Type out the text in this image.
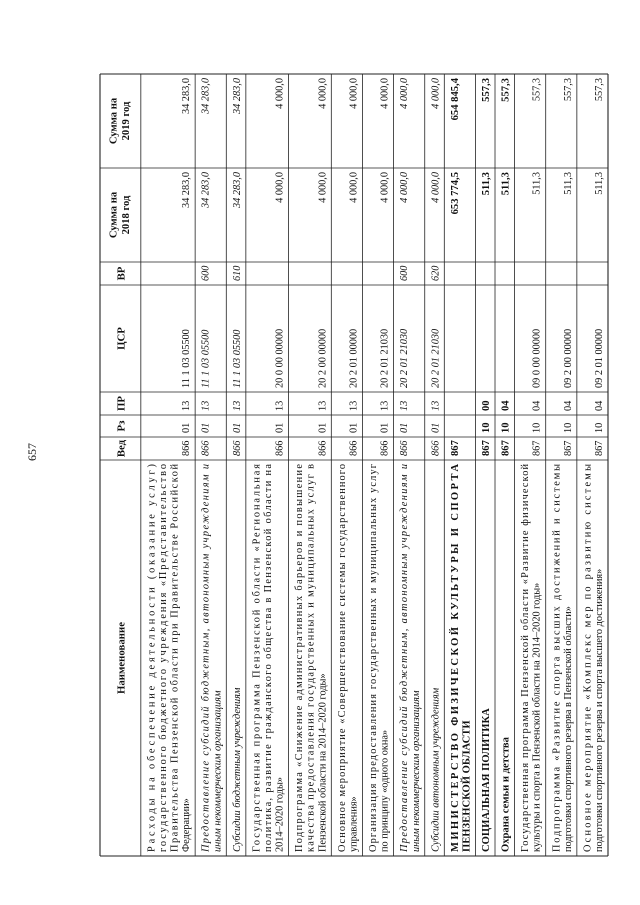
657
Наименование
Вед
Рз
ПР
ЦСР
ВР
Сумма на 2018 год
Сумма на 2019 год
Расходы на обеспечение деятельности (оказание услуг)
государственного бюджетного учреждения «Представительство
Правительства Пензенской области при Правительстве Российской
Федерации»
866
01
13
11 1 03 05500
34 283,0
34 283,0
Предоставление субсидий бюджетным, автономным учреждениям и
иным некоммерческим организациям
866
01
13
11 1 03 05500
600
34 283,0
34 283,0
Субсидии бюджетным учреждениям
866
01
13
11 1 03 05500
610
34 283,0
34 283,0
Государственная программа Пензенской области «Региональная
политика, развитие гражданского общества в Пензенской области на
2014–2020 годы»
866
01
13
20 0 00 00000
4 000,0
4 000,0
Подпрограмма «Снижение административных барьеров и повышение
качества предоставления государственных и муниципальных услуг в
Пензенской области на 2014–2020 годы»
866
01
13
20 2 00 00000
4 000,0
4 000,0
Основное мероприятие «Совершенствование системы государственного
управления»
866
01
13
20 2 01 00000
4 000,0
4 000,0
Организация предоставления государственных и муниципальных услуг
по принципу «одного окна»
866
01
13
20 2 01 21030
4 000,0
4 000,0
Предоставление субсидий бюджетным, автономным учреждениям и
иным некоммерческим организациям
866
01
13
20 2 01 21030
600
4 000,0
4 000,0
Субсидии автономным учреждениям
866
01
13
20 2 01 21030
620
4 000,0
4 000,0
МИНИСТЕРСТВО ФИЗИЧЕСКОЙ КУЛЬТУРЫ И СПОРТА
ПЕНЗЕНСКОЙ ОБЛАСТИ
867
653 774,5
654 845,4
СОЦИАЛЬНАЯ ПОЛИТИКА
867
10
00
511,3
557,3
Охрана семьи и детства
867
10
04
511,3
557,3
Государственная программа Пензенской области «Развитие физической
культуры и спорта в Пензенской области на 2014–2020 годы»
867
10
04
09 0 00 00000
511,3
557,3
Подпрограмма «Развитие спорта высших достижений и системы
подготовки спортивного резерва в Пензенской области»
867
10
04
09 2 00 00000
511,3
557,3
Основное мероприятие «Комплекс мер по развитию системы
подготовки спортивного резерва и спорта высшего достижения»
867
10
04
09 2 01 00000
511,3
557,3
